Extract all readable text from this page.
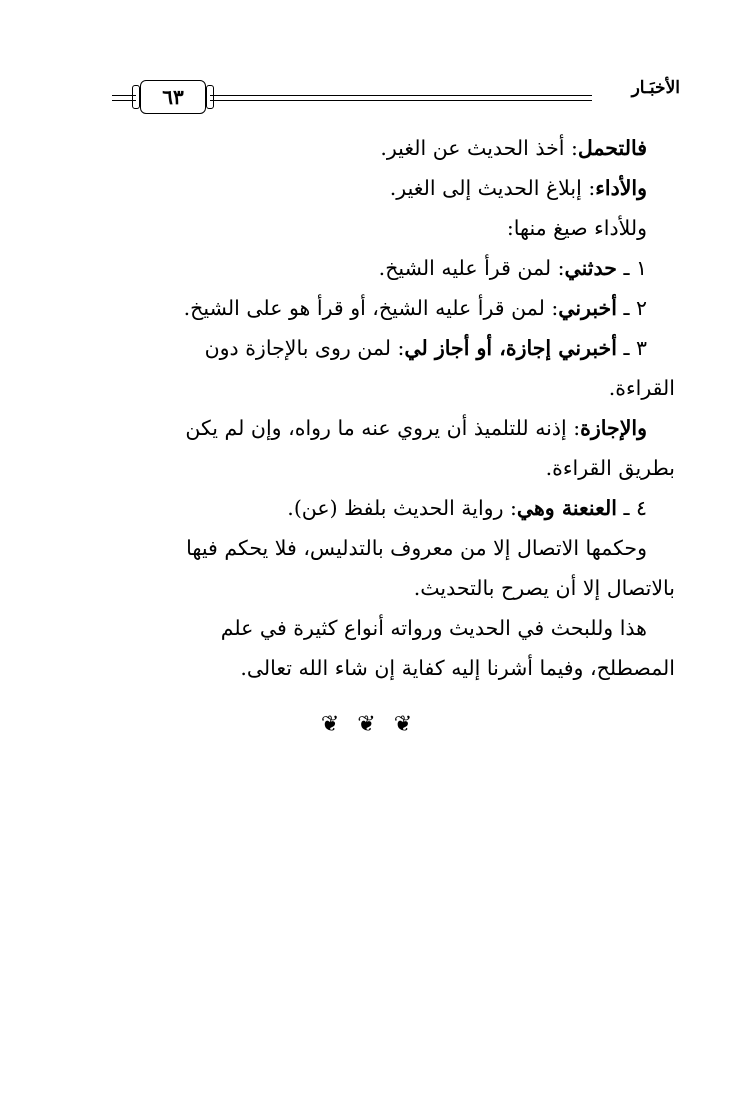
الأخبَـار
٦٣
فالتحمل: أخذ الحديث عن الغير.
والأداء: إبلاغ الحديث إلى الغير.
وللأداء صيغ منها:
١ ـ حدثني: لمن قرأ عليه الشيخ.
٢ ـ أخبرني: لمن قرأ عليه الشيخ، أو قرأ هو على الشيخ.
٣ ـ أخبرني إجازة، أو أجاز لي: لمن روى بالإجازة دون
القراءة.
والإجازة: إذنه للتلميذ أن يروي عنه ما رواه، وإن لم يكن
بطريق القراءة.
٤ ـ العنعنة وهي: رواية الحديث بلفظ (عن).
وحكمها الاتصال إلا من معروف بالتدليس، فلا يحكم فيها
بالاتصال إلا أن يصرح بالتحديث.
هذا وللبحث في الحديث ورواته أنواع كثيرة في علم
المصطلح، وفيما أشرنا إليه كفاية إن شاء الله تعالى.
❦❦❦
